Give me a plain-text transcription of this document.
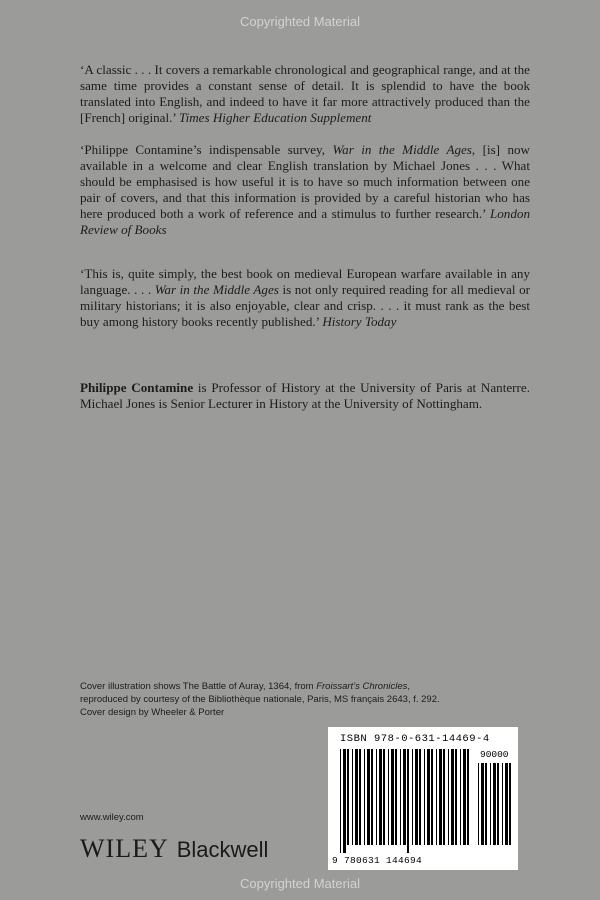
Copyrighted Material

‘A classic . . . It covers a remarkable chronological and geographical range, and at the same time provides a constant sense of detail. It is splendid to have the book translated into English, and indeed to have it far more attractively produced than the [French] original.’ Times Higher Education Supplement

‘Philippe Contamine’s indispensable survey, War in the Middle Ages, [is] now available in a welcome and clear English translation by Michael Jones . . . What should be emphasised is how useful it is to have so much information between one pair of covers, and that this information is provided by a careful historian who has here produced both a work of reference and a stimulus to further research.’ London Review of Books

‘This is, quite simply, the best book on medieval European warfare available in any language. . . . War in the Middle Ages is not only required reading for all medieval or military historians; it is also enjoyable, clear and crisp. . . . it must rank as the best buy among history books recently published.’ History Today

Philippe Contamine is Professor of History at the University of Paris at Nanterre. Michael Jones is Senior Lecturer in History at the University of Nottingham.

Cover illustration shows The Battle of Auray, 1364, from Froissart’s Chronicles,
reproduced by courtesy of the Bibliothèque nationale, Paris, MS français 2643, f. 292.
Cover design by Wheeler & Porter
www.wiley.com
WILEY Blackwell
ISBN 978-0-631-14469-4
90000
9 780631 144694
Copyrighted Material
